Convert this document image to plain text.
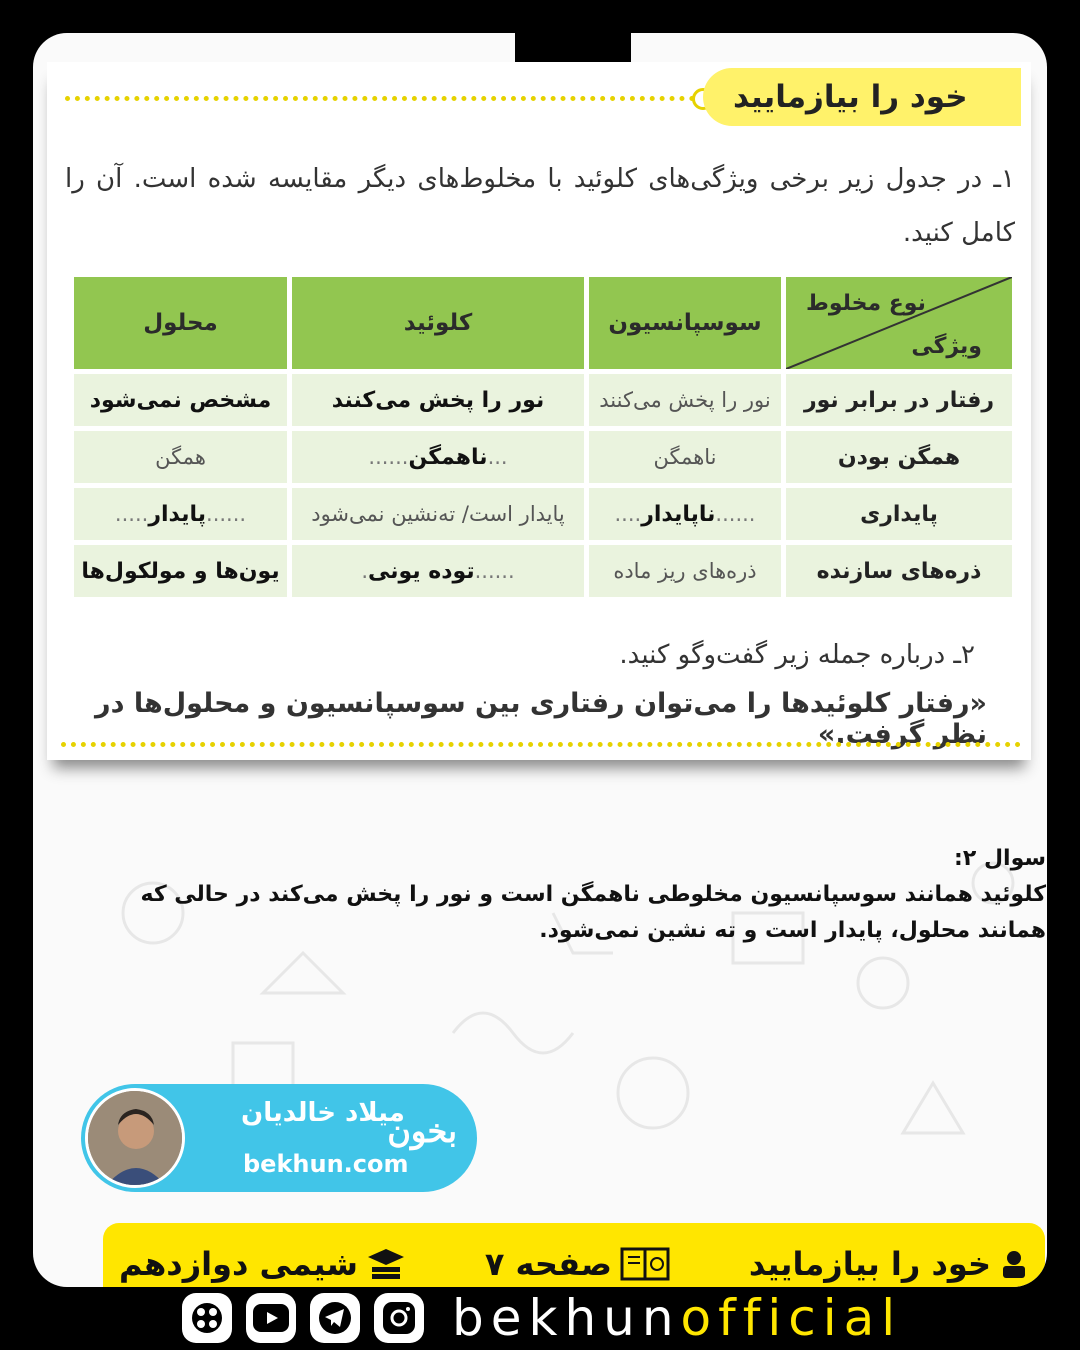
سوال ۲:
کلوئید همانند سوسپانسیون مخلوطی ناهمگن است و نور را پخش می‌کند در حالی که همانند محلول، پایدار است و ته نشین نمی‌شود.
میلاد خالدیان
bekhun.com
بخون
خود را بیازمایید
صفحه ۷
شیمی دوازدهم
خود را بیازمایید
۱ـ در جدول زیر برخی ویژگی‌های کلوئید با مخلوط‌های دیگر مقایسه شده است. آن را کامل کنید.
نوع مخلوط
ویژگی	سوسپانسیون	کلوئید	محلول
رفتار در برابر نور	نور را پخش می‌کنند	نور را پخش می‌کنند	مشخص نمی‌شود
همگن بودن	ناهمگن	...ناهمگن......	همگن
پایداری	......ناپایدار....	پایدار است/ ته‌نشین نمی‌شود	......پایدار.....
ذره‌های سازنده	ذره‌های ریز ماده	......توده یونی.	یون‌ها و مولکول‌ها
۲ـ درباره جمله زیر گفت‌وگو کنید.
«رفتار کلوئیدها را می‌توان رفتاری بین سوسپانسیون و محلول‌ها در نظر گرفت.»
bekhunofficial
